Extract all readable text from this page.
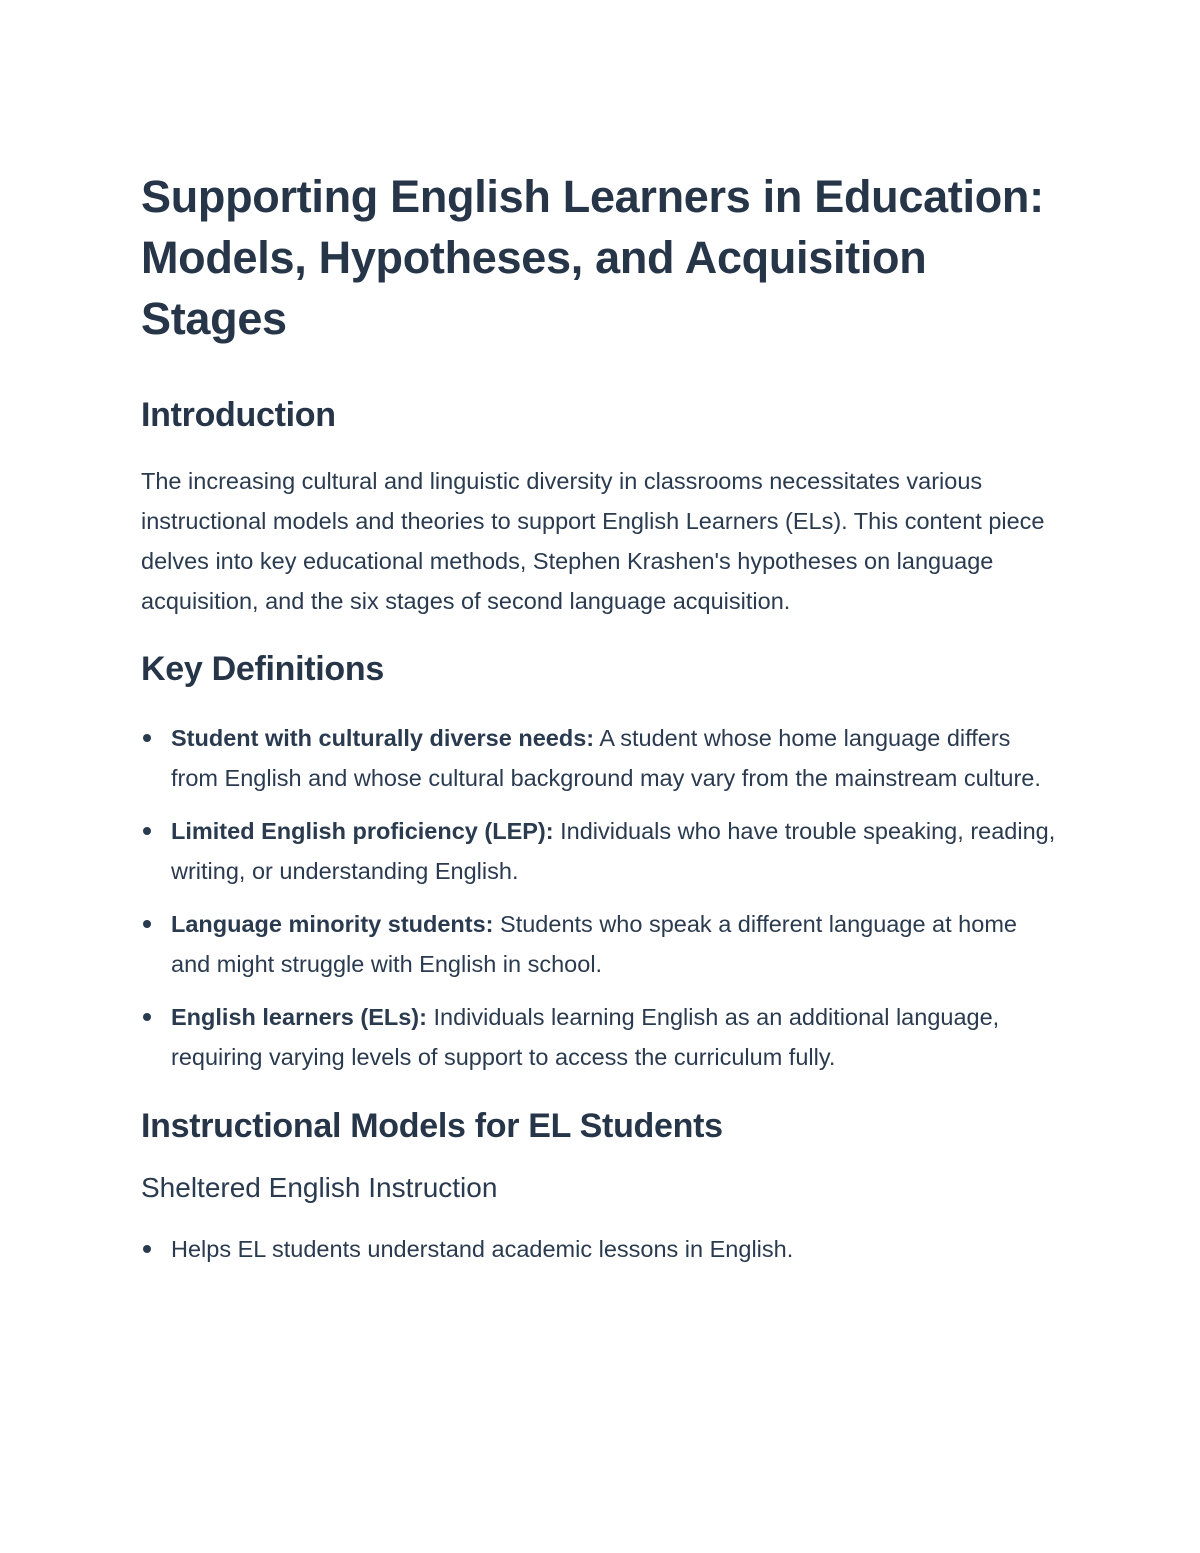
Supporting English Learners in Education: Models, Hypotheses, and Acquisition Stages
Introduction

The increasing cultural and linguistic diversity in classrooms necessitates various instructional models and theories to support English Learners (ELs). This content piece delves into key educational methods, Stephen Krashen's hypotheses on language acquisition, and the six stages of second language acquisition.

Key Definitions
Student with culturally diverse needs: A student whose home language differs from English and whose cultural background may vary from the mainstream culture.
Limited English proficiency (LEP): Individuals who have trouble speaking, reading, writing, or understanding English.
Language minority students: Students who speak a different language at home and might struggle with English in school.
English learners (ELs): Individuals learning English as an additional language, requiring varying levels of support to access the curriculum fully.
Instructional Models for EL Students
Sheltered English Instruction
Helps EL students understand academic lessons in English.
